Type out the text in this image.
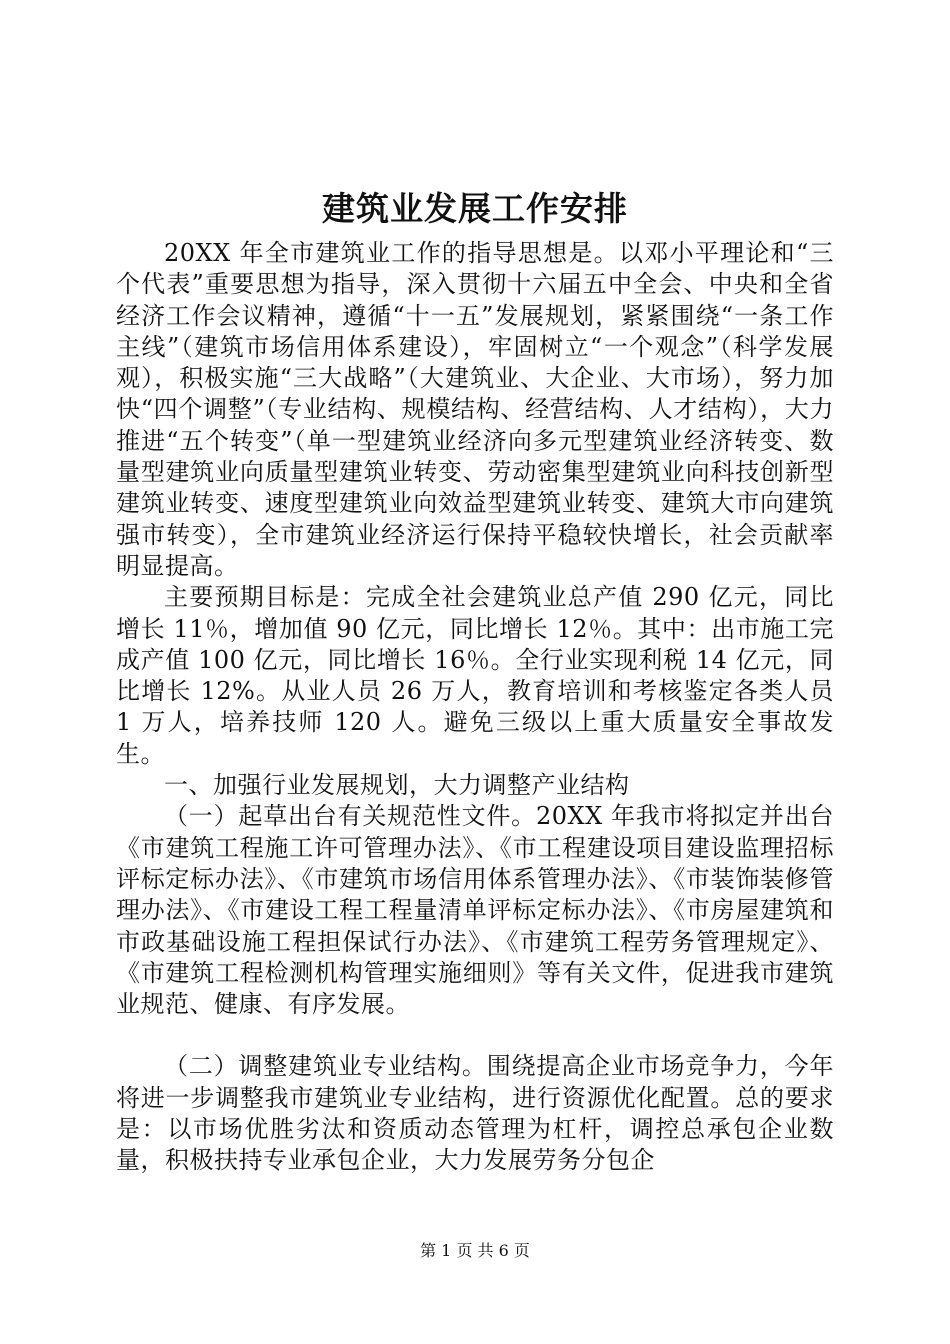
建筑业发展工作安排

20XX 年全市建筑业工作的指导思想是。以邓小平理论和“三个代表”重要思想为指导，深入贯彻十六届五中全会、中央和全省经济工作会议精神，遵循“十一五”发展规划，紧紧围绕“一条工作主线”（建筑市场信用体系建设），牢固树立“一个观念”（科学发展观），积极实施“三大战略”（大建筑业、大企业、大市场），努力加快“四个调整”（专业结构、规模结构、经营结构、人才结构），大力推进“五个转变”（单一型建筑业经济向多元型建筑业经济转变、数量型建筑业向质量型建筑业转变、劳动密集型建筑业向科技创新型建筑业转变、速度型建筑业向效益型建筑业转变、建筑大市向建筑强市转变），全市建筑业经济运行保持平稳较快增长，社会贡献率明显提高。

主要预期目标是：完成全社会建筑业总产值 290 亿元，同比增长 11％，增加值 90 亿元，同比增长 12％。其中：出市施工完成产值 100 亿元，同比增长 16％。全行业实现利税 14 亿元，同比增长 12%。从业人员 26 万人，教育培训和考核鉴定各类人员 1 万人，培养技师 120 人。避免三级以上重大质量安全事故发生。

一、加强行业发展规划，大力调整产业结构

（一）起草出台有关规范性文件。20XX 年我市将拟定并出台《市建筑工程施工许可管理办法》、《市工程建设项目建设监理招标评标定标办法》、《市建筑市场信用体系管理办法》、《市装饰装修管理办法》、《市建设工程工程量清单评标定标办法》、《市房屋建筑和市政基础设施工程担保试行办法》、《市建筑工程劳务管理规定》、《市建筑工程检测机构管理实施细则》等有关文件，促进我市建筑业规范、健康、有序发展。

（二）调整建筑业专业结构。围绕提高企业市场竞争力，今年将进一步调整我市建筑业专业结构，进行资源优化配置。总的要求是：以市场优胜劣汰和资质动态管理为杠杆，调控总承包企业数量，积极扶持专业承包企业，大力发展劳务分包企

第 1 页 共 6 页
